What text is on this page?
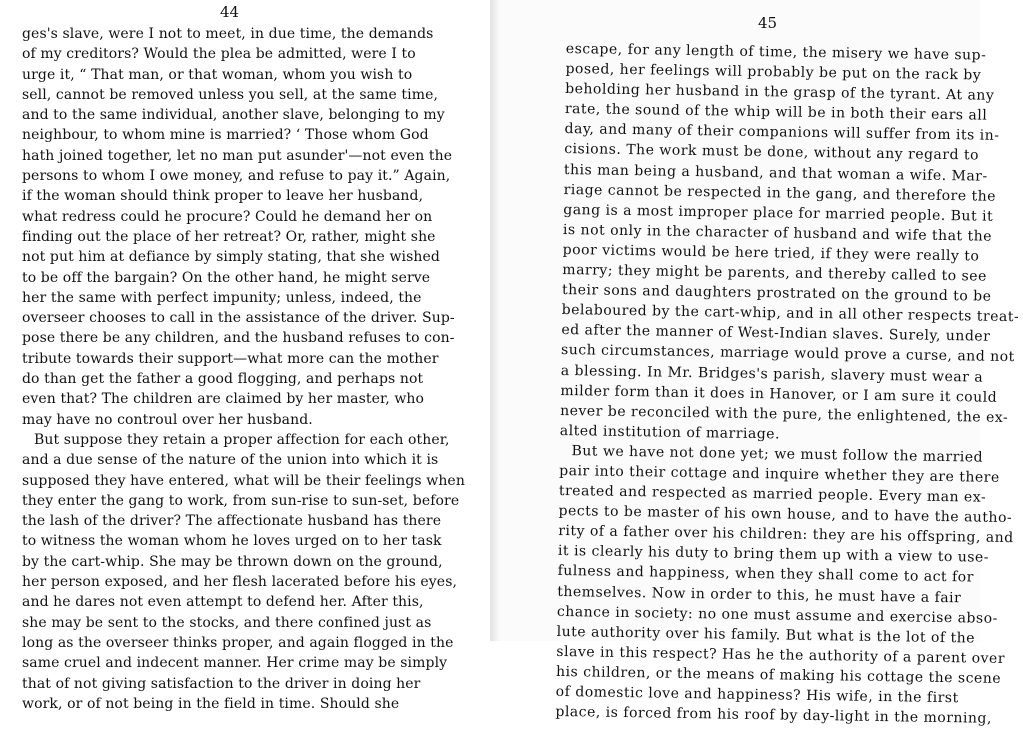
44
ges's slave, were I not to meet, in due time, the demands
of my creditors? Would the plea be admitted, were I to
urge it, “ That man, or that woman, whom you wish to
sell, cannot be removed unless you sell, at the same time,
and to the same individual, another slave, belonging to my
neighbour, to whom mine is married? ‘ Those whom God
hath joined together, let no man put asunder'—not even the
persons to whom I owe money, and refuse to pay it.” Again,
if the woman should think proper to leave her husband,
what redress could he procure? Could he demand her on
finding out the place of her retreat? Or, rather, might she
not put him at defiance by simply stating, that she wished
to be off the bargain? On the other hand, he might serve
her the same with perfect impunity; unless, indeed, the
overseer chooses to call in the assistance of the driver. Sup-
pose there be any children, and the husband refuses to con-
tribute towards their support—what more can the mother
do than get the father a good flogging, and perhaps not
even that? The children are claimed by her master, who
may have no controul over her husband.
But suppose they retain a proper affection for each other,
and a due sense of the nature of the union into which it is
supposed they have entered, what will be their feelings when
they enter the gang to work, from sun-rise to sun-set, before
the lash of the driver? The affectionate husband has there
to witness the woman whom he loves urged on to her task
by the cart-whip. She may be thrown down on the ground,
her person exposed, and her flesh lacerated before his eyes,
and he dares not even attempt to defend her. After this,
she may be sent to the stocks, and there confined just as
long as the overseer thinks proper, and again flogged in the
same cruel and indecent manner. Her crime may be simply
that of not giving satisfaction to the driver in doing her
work, or of not being in the field in time. Should she
45
escape, for any length of time, the misery we have sup-
posed, her feelings will probably be put on the rack by
beholding her husband in the grasp of the tyrant. At any
rate, the sound of the whip will be in both their ears all
day, and many of their companions will suffer from its in-
cisions. The work must be done, without any regard to
this man being a husband, and that woman a wife. Mar-
riage cannot be respected in the gang, and therefore the
gang is a most improper place for married people. But it
is not only in the character of husband and wife that the
poor victims would be here tried, if they were really to
marry; they might be parents, and thereby called to see
their sons and daughters prostrated on the ground to be
belaboured by the cart-whip, and in all other respects treat-
ed after the manner of West-Indian slaves. Surely, under
such circumstances, marriage would prove a curse, and not
a blessing. In Mr. Bridges's parish, slavery must wear a
milder form than it does in Hanover, or I am sure it could
never be reconciled with the pure, the enlightened, the ex-
alted institution of marriage.
But we have not done yet; we must follow the married
pair into their cottage and inquire whether they are there
treated and respected as married people. Every man ex-
pects to be master of his own house, and to have the autho-
rity of a father over his children: they are his offspring, and
it is clearly his duty to bring them up with a view to use-
fulness and happiness, when they shall come to act for
themselves. Now in order to this, he must have a fair
chance in society: no one must assume and exercise abso-
lute authority over his family. But what is the lot of the
slave in this respect? Has he the authority of a parent over
his children, or the means of making his cottage the scene
of domestic love and happiness? His wife, in the first
place, is forced from his roof by day-light in the morning,
